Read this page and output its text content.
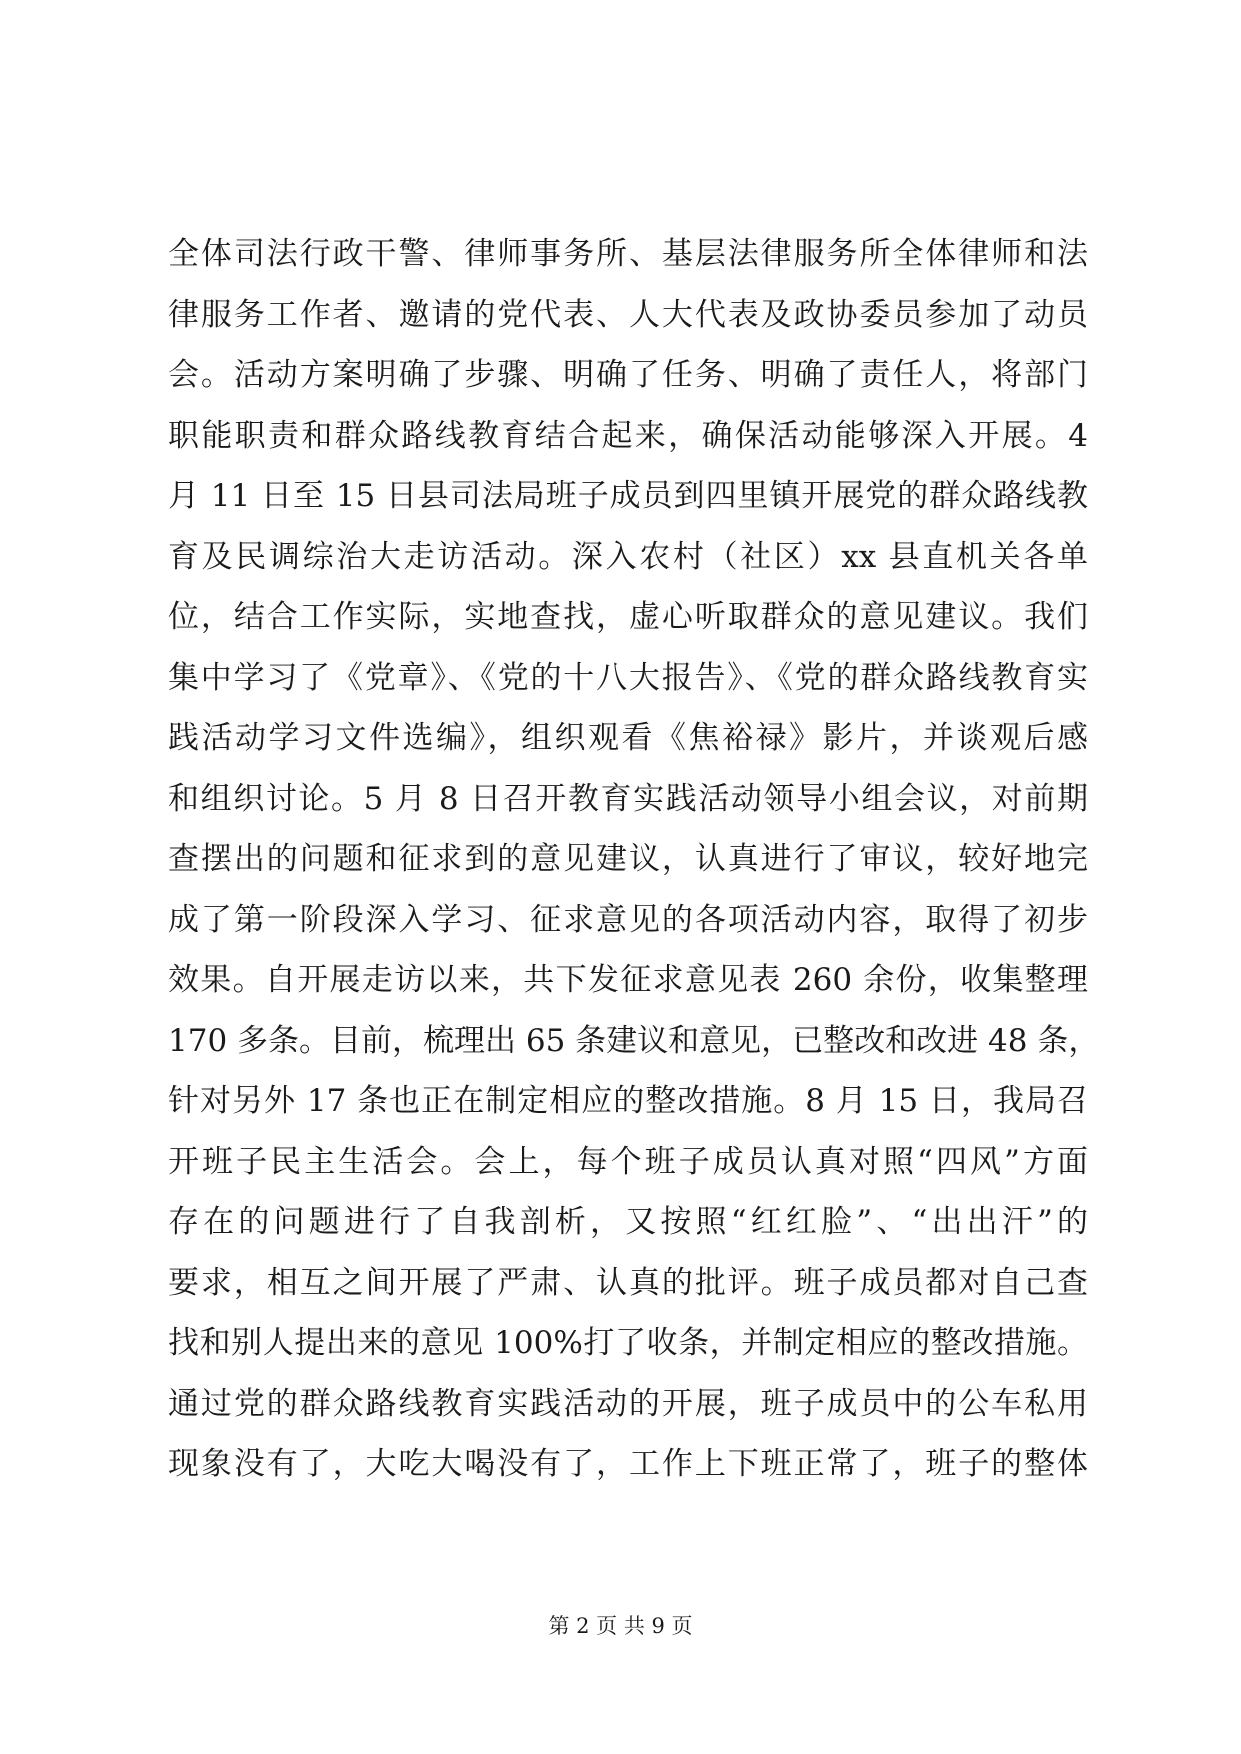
全体司法行政干警、律师事务所、基层法律服务所全体律师和法
律服务工作者、邀请的党代表、人大代表及政协委员参加了动员
会。活动方案明确了步骤、明确了任务、明确了责任人，将部门
职能职责和群众路线教育结合起来，确保活动能够深入开展。4
月 11 日至 15 日县司法局班子成员到四里镇开展党的群众路线教
育及民调综治大走访活动。深入农村（社区）xx 县直机关各单
位，结合工作实际，实地查找，虚心听取群众的意见建议。我们
集中学习了《党章》、《党的十八大报告》、《党的群众路线教育实
践活动学习文件选编》，组织观看《焦裕禄》影片，并谈观后感
和组织讨论。5 月 8 日召开教育实践活动领导小组会议，对前期
查摆出的问题和征求到的意见建议，认真进行了审议，较好地完
成了第一阶段深入学习、征求意见的各项活动内容，取得了初步
效果。自开展走访以来，共下发征求意见表 260 余份，收集整理
170 多条。目前，梳理出 65 条建议和意见，已整改和改进 48 条，
针对另外 17 条也正在制定相应的整改措施。8 月 15 日，我局召
开班子民主生活会。会上，每个班子成员认真对照“四风”方面
存在的问题进行了自我剖析，又按照“红红脸”、“出出汗”的
要求，相互之间开展了严肃、认真的批评。班子成员都对自己查
找和别人提出来的意见 100%打了收条，并制定相应的整改措施。
通过党的群众路线教育实践活动的开展，班子成员中的公车私用
现象没有了，大吃大喝没有了，工作上下班正常了，班子的整体
第 2 页 共 9 页
